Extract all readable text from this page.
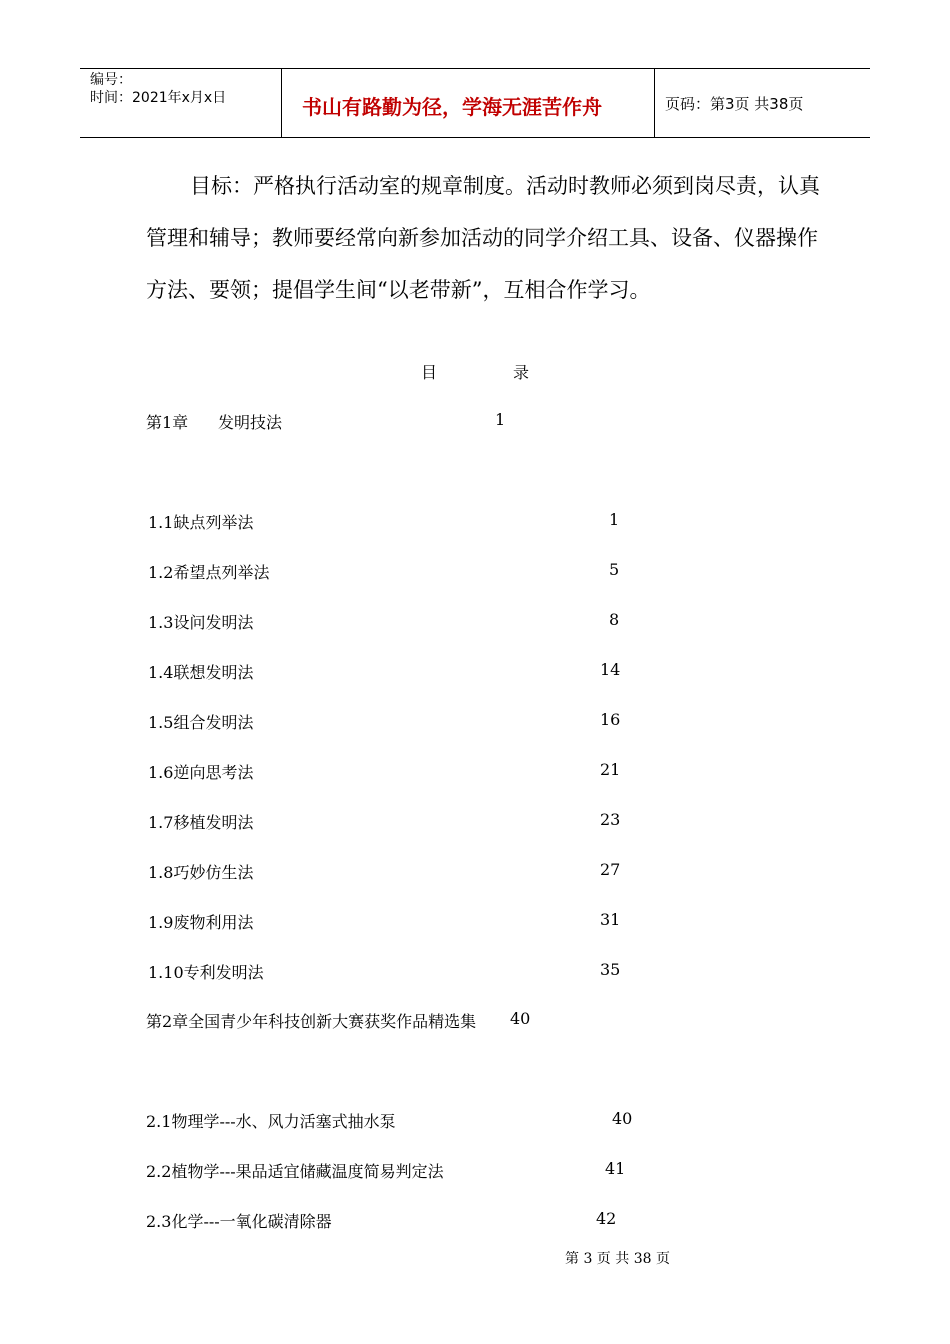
编号：
时间：2021年x月x日	书山有路勤为径，学海无涯苦作舟	页码：第3页 共38页
目标：严格执行活动室的规章制度。活动时教师必须到岗尽责，认真管理和辅导；教师要经常向新参加活动的同学介绍工具、设备、仪器操作方法、要领；提倡学生间“以老带新”，互相合作学习。
目	录
第1章 发明技法	1
1.1缺点列举法	1
1.2希望点列举法	5
1.3设问发明法	8
1.4联想发明法	14
1.5组合发明法	16
1.6逆向思考法	21
1.7移植发明法	23
1.8巧妙仿生法	27
1.9废物利用法	31
1.10专利发明法	35
第2章全国青少年科技创新大赛获奖作品精选集 40
2.1物理学---水、风力活塞式抽水泵	40
2.2植物学---果品适宜储藏温度简易判定法	41
2.3化学---一氧化碳清除器	42
第 3 页 共 38 页
